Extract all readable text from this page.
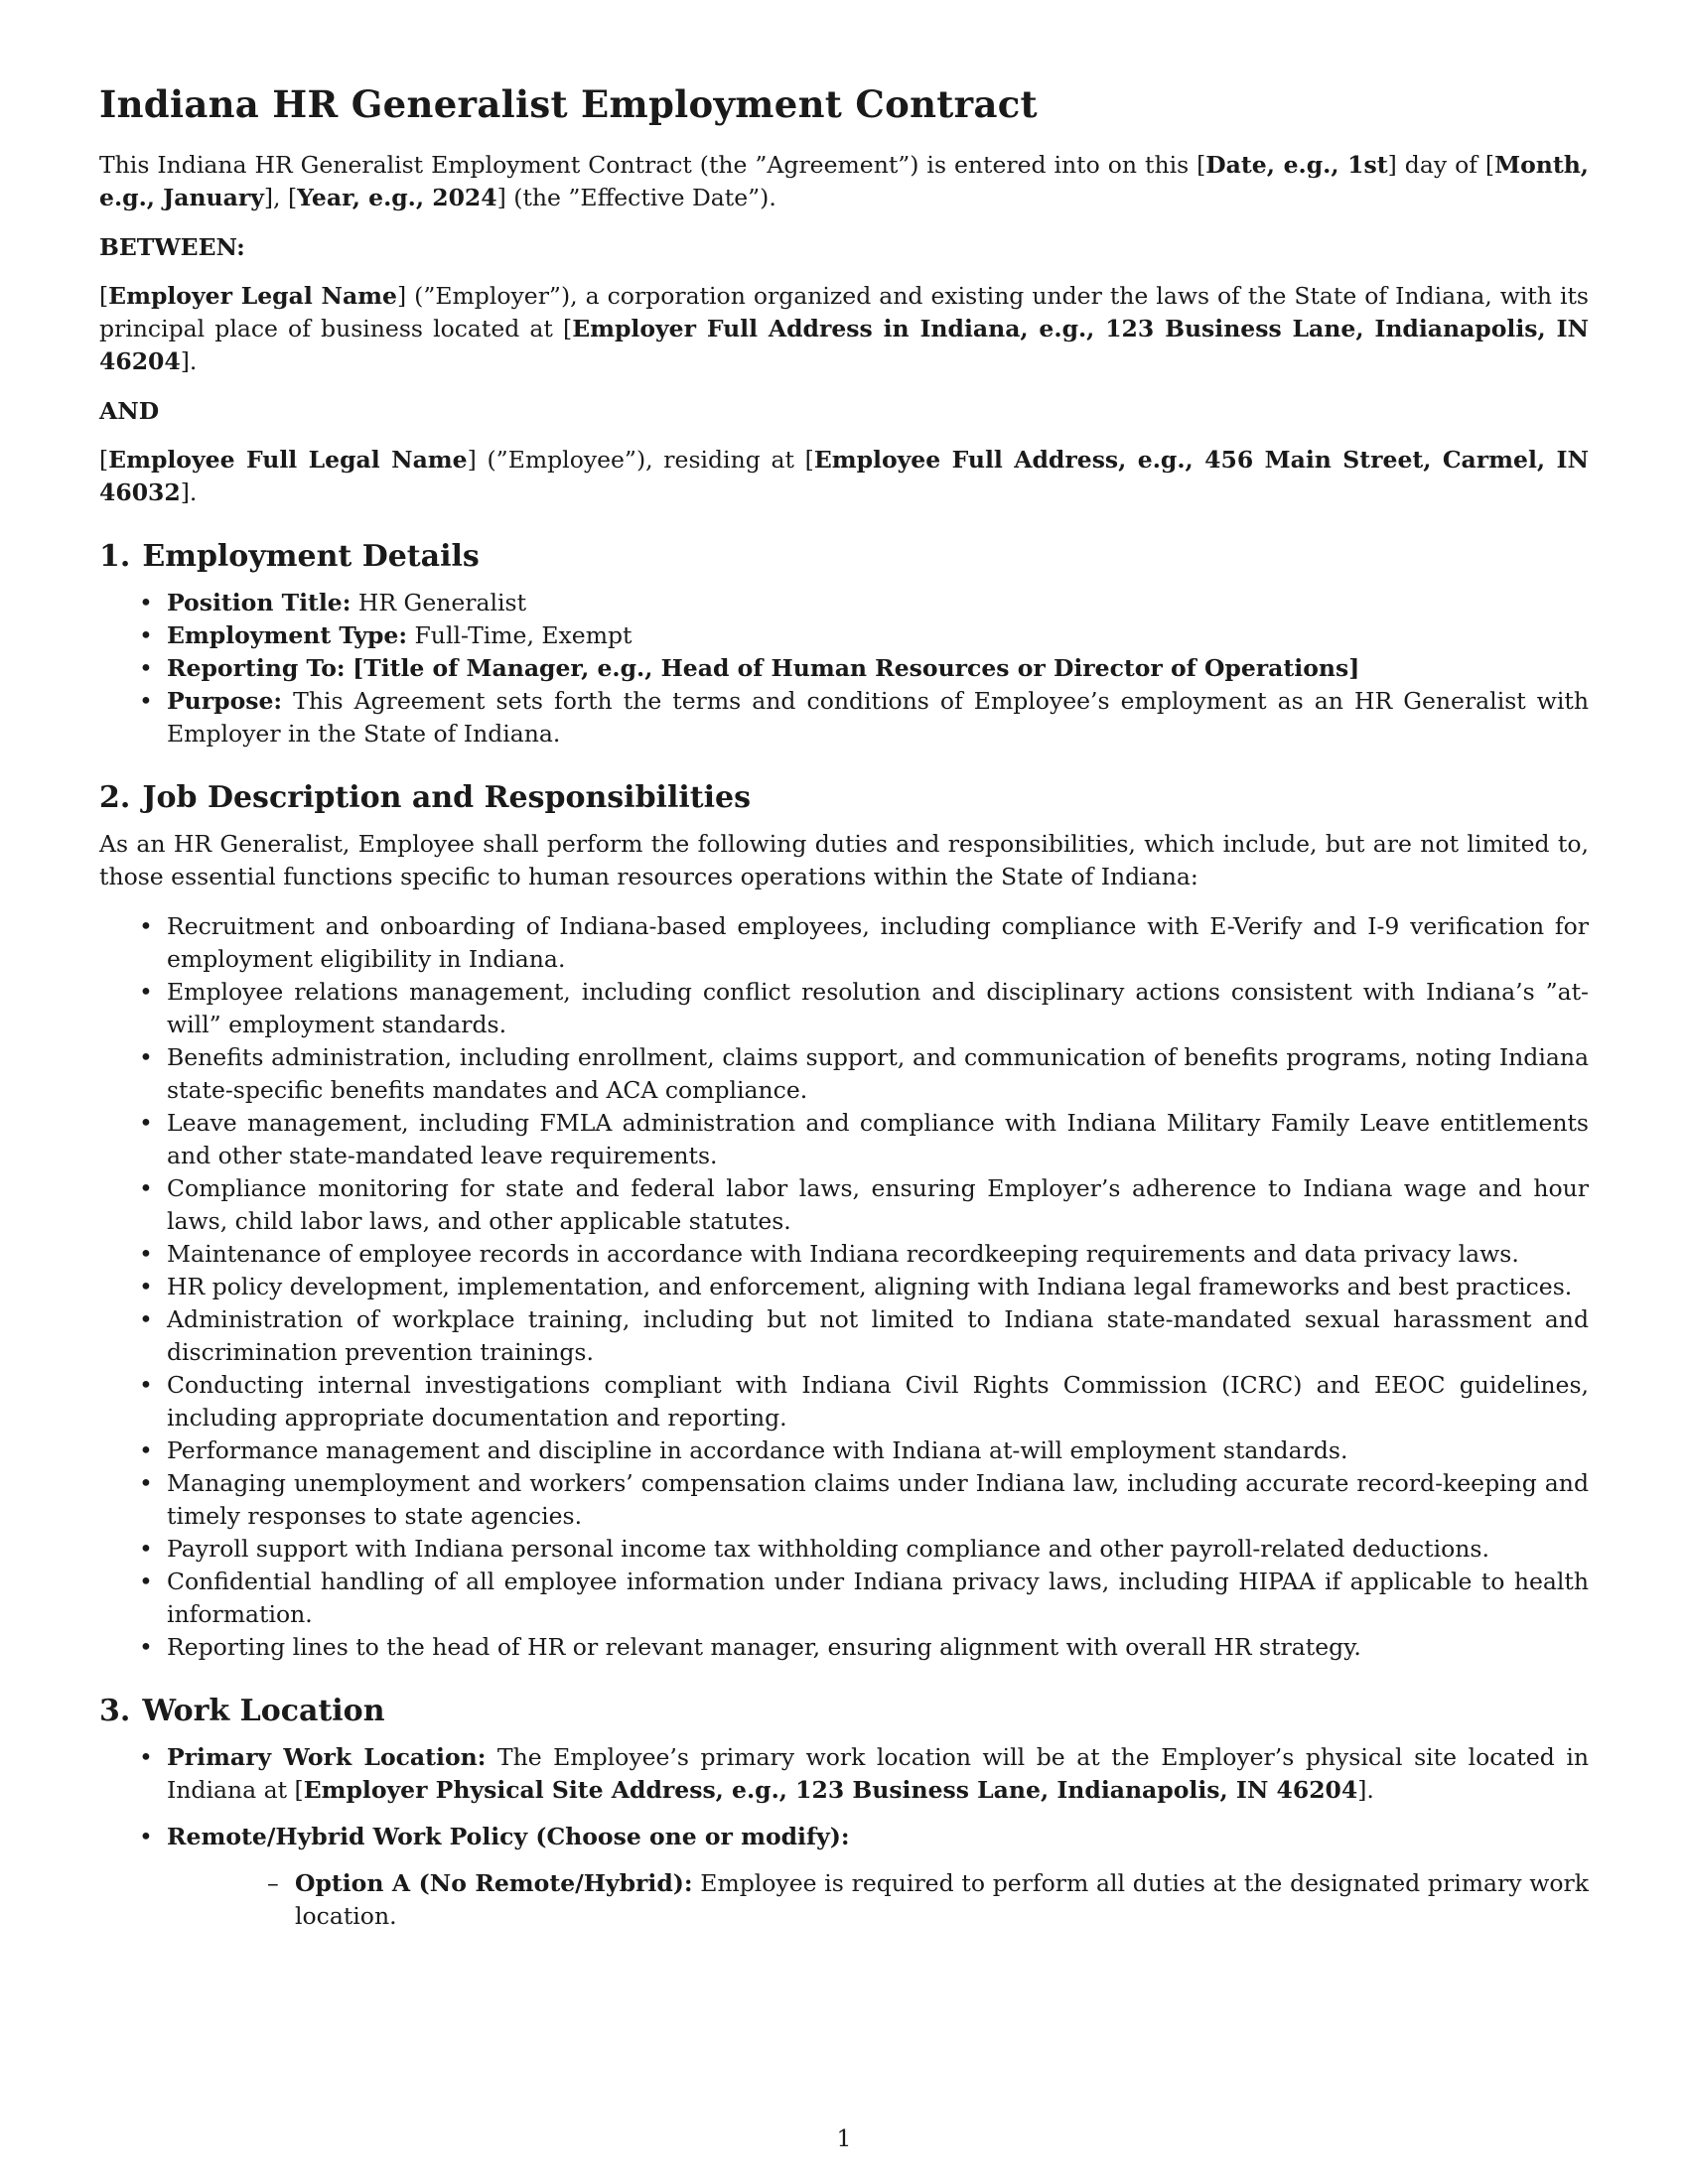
Indiana HR Generalist Employment Contract

This Indiana HR Generalist Employment Contract (the ”Agreement”) is entered into on this [Date, e.g., 1st] day of [Month, e.g., January], [Year, e.g., 2024] (the ”Effective Date”).

BETWEEN:

[Employer Legal Name] (”Employer”), a corporation organized and existing under the laws of the State of Indiana, with its principal place of business located at [Employer Full Address in Indiana, e.g., 123 Business Lane, Indianapolis, IN 46204].

AND

[Employee Full Legal Name] (”Employee”), residing at [Employee Full Address, e.g., 456 Main Street, Carmel, IN 46032].

1. Employment Details
• Position Title: HR Generalist
• Employment Type: Full-Time, Exempt
• Reporting To: [Title of Manager, e.g., Head of Human Resources or Director of Operations]
• Purpose: This Agreement sets forth the terms and conditions of Employee’s employment as an HR Generalist with Employer in the State of Indiana.
2. Job Description and Responsibilities

As an HR Generalist, Employee shall perform the following duties and responsibilities, which include, but are not limited to, those essential functions specific to human resources operations within the State of Indiana:

• Recruitment and onboarding of Indiana-based employees, including compliance with E-Verify and I-9 verification for employment eligibility in Indiana.
• Employee relations management, including conflict resolution and disciplinary actions consistent with Indiana’s ”at-will” employment standards.
• Benefits administration, including enrollment, claims support, and communication of benefits programs, noting Indiana state-specific benefits mandates and ACA compliance.
• Leave management, including FMLA administration and compliance with Indiana Military Family Leave entitlements and other state-mandated leave requirements.
• Compliance monitoring for state and federal labor laws, ensuring Employer’s adherence to Indiana wage and hour laws, child labor laws, and other applicable statutes.
• Maintenance of employee records in accordance with Indiana recordkeeping requirements and data privacy laws.
• HR policy development, implementation, and enforcement, aligning with Indiana legal frameworks and best practices.
• Administration of workplace training, including but not limited to Indiana state-mandated sexual harassment and discrimination prevention trainings.
• Conducting internal investigations compliant with Indiana Civil Rights Commission (ICRC) and EEOC guidelines, including appropriate documentation and reporting.
• Performance management and discipline in accordance with Indiana at-will employment standards.
• Managing unemployment and workers’ compensation claims under Indiana law, including accurate record-keeping and timely responses to state agencies.
• Payroll support with Indiana personal income tax withholding compliance and other payroll-related deductions.
• Confidential handling of all employee information under Indiana privacy laws, including HIPAA if applicable to health information.
• Reporting lines to the head of HR or relevant manager, ensuring alignment with overall HR strategy.
3. Work Location
• Primary Work Location: The Employee’s primary work location will be at the Employer’s physical site located in Indiana at [Employer Physical Site Address, e.g., 123 Business Lane, Indianapolis, IN 46204].
• Remote/Hybrid Work Policy (Choose one or modify):
– Option A (No Remote/Hybrid): Employee is required to perform all duties at the designated primary work location.
1
